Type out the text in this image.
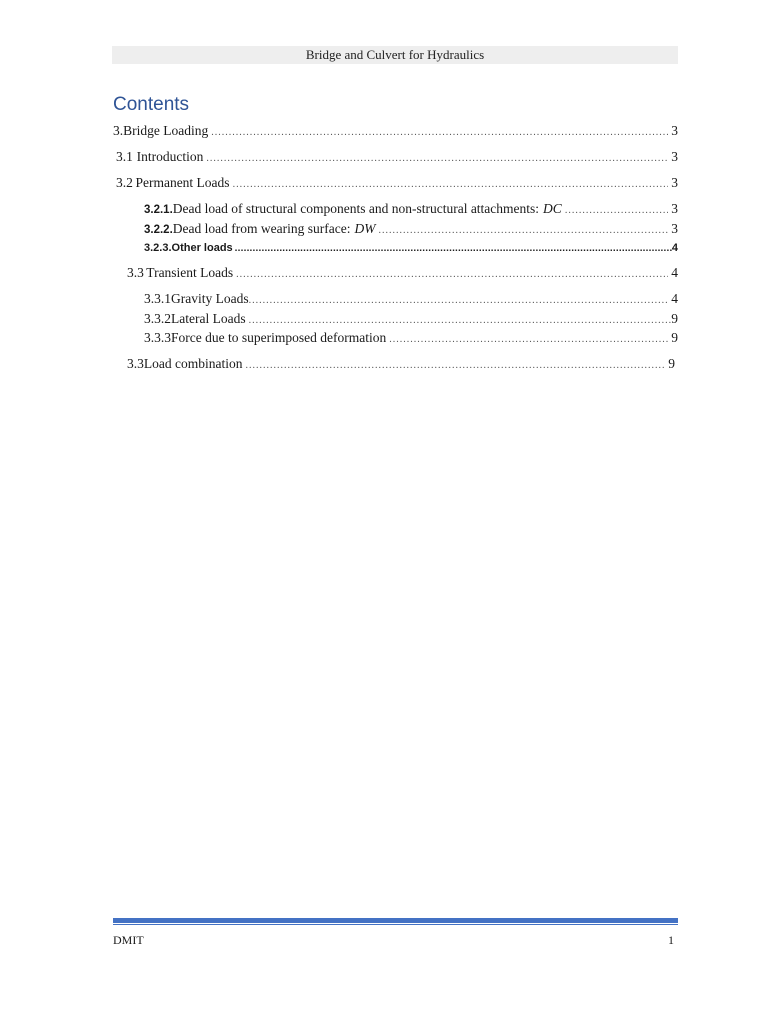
Bridge and Culvert for Hydraulics
Contents
3. Bridge Loading .....	3
3.1 Introduction .....	3
3.2 Permanent Loads .....	3
3.2.1. Dead load of structural components and non-structural attachments: DC .....	3
3.2.2. Dead load from wearing surface: DW .....	3
3.2.3. Other loads .....	4
3.3 Transient Loads .....	4
3.3.1 Gravity Loads .....	4
3.3.2 Lateral Loads .....	9
3.3.3 Force due to superimposed deformation .....	9
3.3 Load combination .....	9
DMIT	1
